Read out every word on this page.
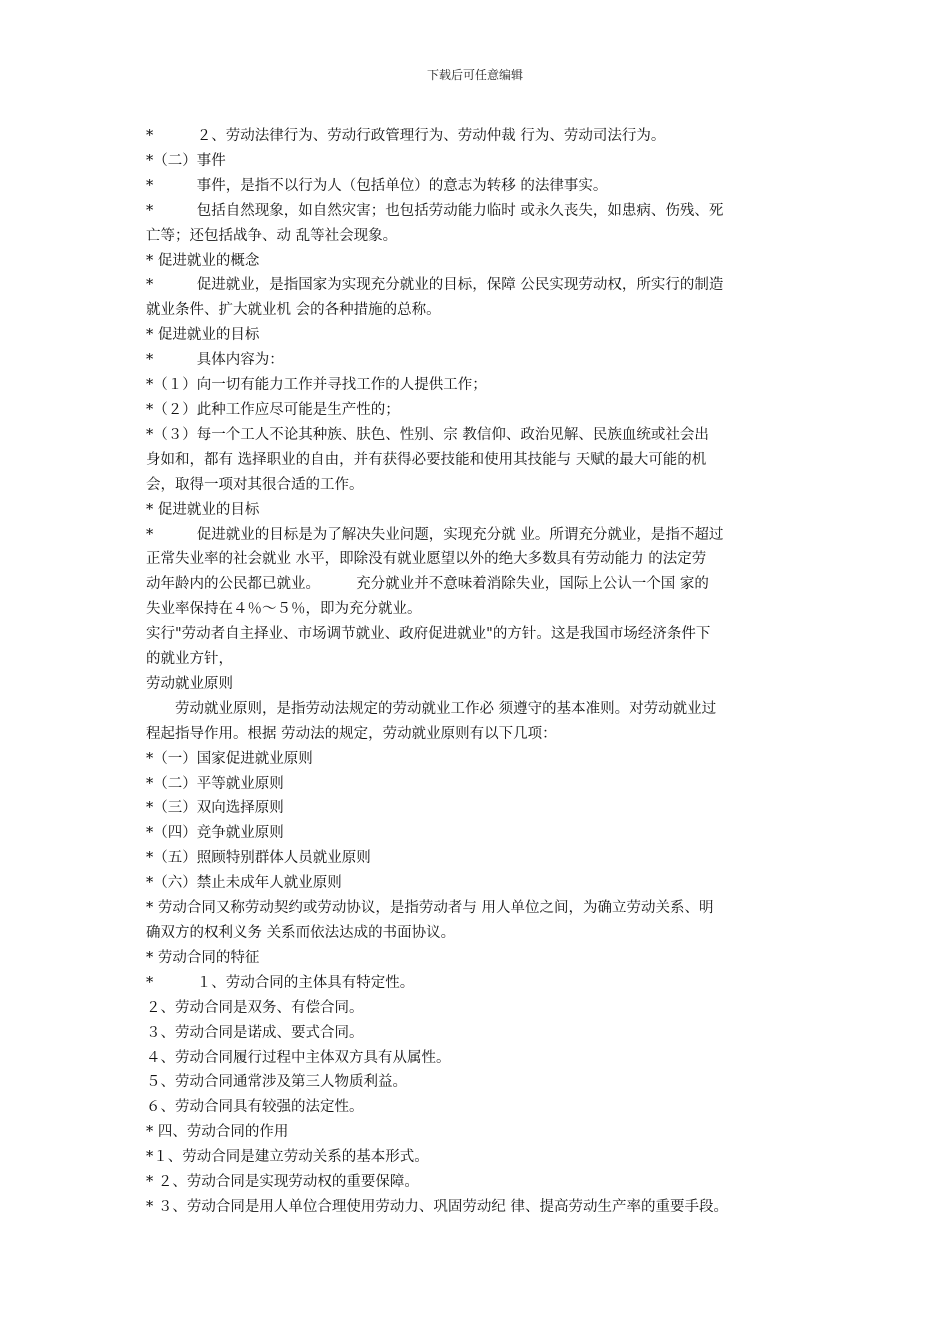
下载后可任意编辑

*　　　２、劳动法律行为、劳动行政管理行为、劳动仲裁 行为、劳动司法行为。

*（二）事件

*　　　事件，是指不以行为人（包括单位）的意志为转移 的法律事实。

*　　　包括自然现象，如自然灾害；也包括劳动能力临时 或永久丧失，如患病、伤残、死

亡等；还包括战争、动 乱等社会现象。

* 促进就业的概念

*　　　促进就业，是指国家为实现充分就业的目标，保障 公民实现劳动权，所实行的制造

就业条件、扩大就业机 会的各种措施的总称。

* 促进就业的目标

*　　　具体内容为：

*（１）向一切有能力工作并寻找工作的人提供工作；

*（２）此种工作应尽可能是生产性的；

*（３）每一个工人不论其种族、肤色、性别、宗 教信仰、政治见解、民族血统或社会出

身如和，都有 选择职业的自由，并有获得必要技能和使用其技能与 天赋的最大可能的机

会，取得一项对其很合适的工作。

* 促进就业的目标

*　　　促进就业的目标是为了解决失业问题，实现充分就 业。所谓充分就业，是指不超过

正常失业率的社会就业 水平，即除没有就业愿望以外的绝大多数具有劳动能力 的法定劳

动年龄内的公民都已就业。　　　充分就业并不意味着消除失业，国际上公认一个国 家的

失业率保持在４％～５％，即为充分就业。

实行"劳动者自主择业、市场调节就业、政府促进就业"的方针。这是我国市场经济条件下

的就业方针，

劳动就业原则

　　劳动就业原则，是指劳动法规定的劳动就业工作必 须遵守的基本准则。对劳动就业过

程起指导作用。根据 劳动法的规定，劳动就业原则有以下几项：

*（一）国家促进就业原则

*（二）平等就业原则

*（三）双向选择原则

*（四）竞争就业原则

*（五）照顾特别群体人员就业原则

*（六）禁止未成年人就业原则

* 劳动合同又称劳动契约或劳动协议，是指劳动者与 用人单位之间，为确立劳动关系、明

确双方的权利义务 关系而依法达成的书面协议。

* 劳动合同的特征

*　　　１、劳动合同的主体具有特定性。

２、劳动合同是双务、有偿合同。

３、劳动合同是诺成、要式合同。

４、劳动合同履行过程中主体双方具有从属性。

５、劳动合同通常涉及第三人物质利益。

６、劳动合同具有较强的法定性。

* 四、劳动合同的作用

*１、劳动合同是建立劳动关系的基本形式。

* ２、劳动合同是实现劳动权的重要保障。

* ３、劳动合同是用人单位合理使用劳动力、巩固劳动纪 律、提高劳动生产率的重要手段。
